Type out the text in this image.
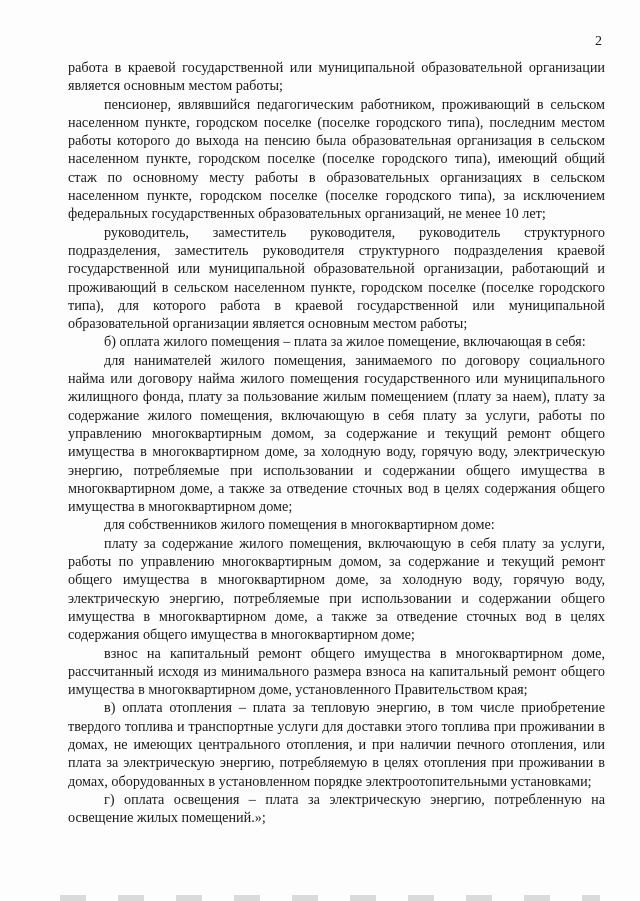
2

работа в краевой государственной или муниципальной образовательной организации является основным местом работы;

пенсионер, являвшийся педагогическим работником, проживающий в сельском населенном пункте, городском поселке (поселке городского типа), последним местом работы которого до выхода на пенсию была образовательная организация в сельском населенном пункте, городском поселке (поселке городского типа), имеющий общий стаж по основному месту работы в образовательных организациях в сельском населенном пункте, городском поселке (поселке городского типа), за исключением федеральных государственных образовательных организаций, не менее 10 лет;

руководитель, заместитель руководителя, руководитель структурного подразделения, заместитель руководителя структурного подразделения краевой государственной или муниципальной образовательной организации, работающий и проживающий в сельском населенном пункте, городском поселке (поселке городского типа), для которого работа в краевой государственной или муниципальной образовательной организации является основным местом работы;

б) оплата жилого помещения – плата за жилое помещение, включающая в себя:

для нанимателей жилого помещения, занимаемого по договору социального найма или договору найма жилого помещения государственного или муниципального жилищного фонда, плату за пользование жилым помещением (плату за наем), плату за содержание жилого помещения, включающую в себя плату за услуги, работы по управлению многоквартирным домом, за содержание и текущий ремонт общего имущества в многоквартирном доме, за холодную воду, горячую воду, электрическую энергию, потребляемые при использовании и содержании общего имущества в многоквартирном доме, а также за отведение сточных вод в целях содержания общего имущества в многоквартирном доме;

для собственников жилого помещения в многоквартирном доме:

плату за содержание жилого помещения, включающую в себя плату за услуги, работы по управлению многоквартирным домом, за содержание и текущий ремонт общего имущества в многоквартирном доме, за холодную воду, горячую воду, электрическую энергию, потребляемые при использовании и содержании общего имущества в многоквартирном доме, а также за отведение сточных вод в целях содержания общего имущества в многоквартирном доме;

взнос на капитальный ремонт общего имущества в многоквартирном доме, рассчитанный исходя из минимального размера взноса на капитальный ремонт общего имущества в многоквартирном доме, установленного Правительством края;

в) оплата отопления – плата за тепловую энергию, в том числе приобретение твердого топлива и транспортные услуги для доставки этого топлива при проживании в домах, не имеющих центрального отопления, и при наличии печного отопления, или плата за электрическую энергию, потребляемую в целях отопления при проживании в домах, оборудованных в установленном порядке электроотопительными установками;

г) оплата освещения – плата за электрическую энергию, потребленную на освещение жилых помещений.»;
